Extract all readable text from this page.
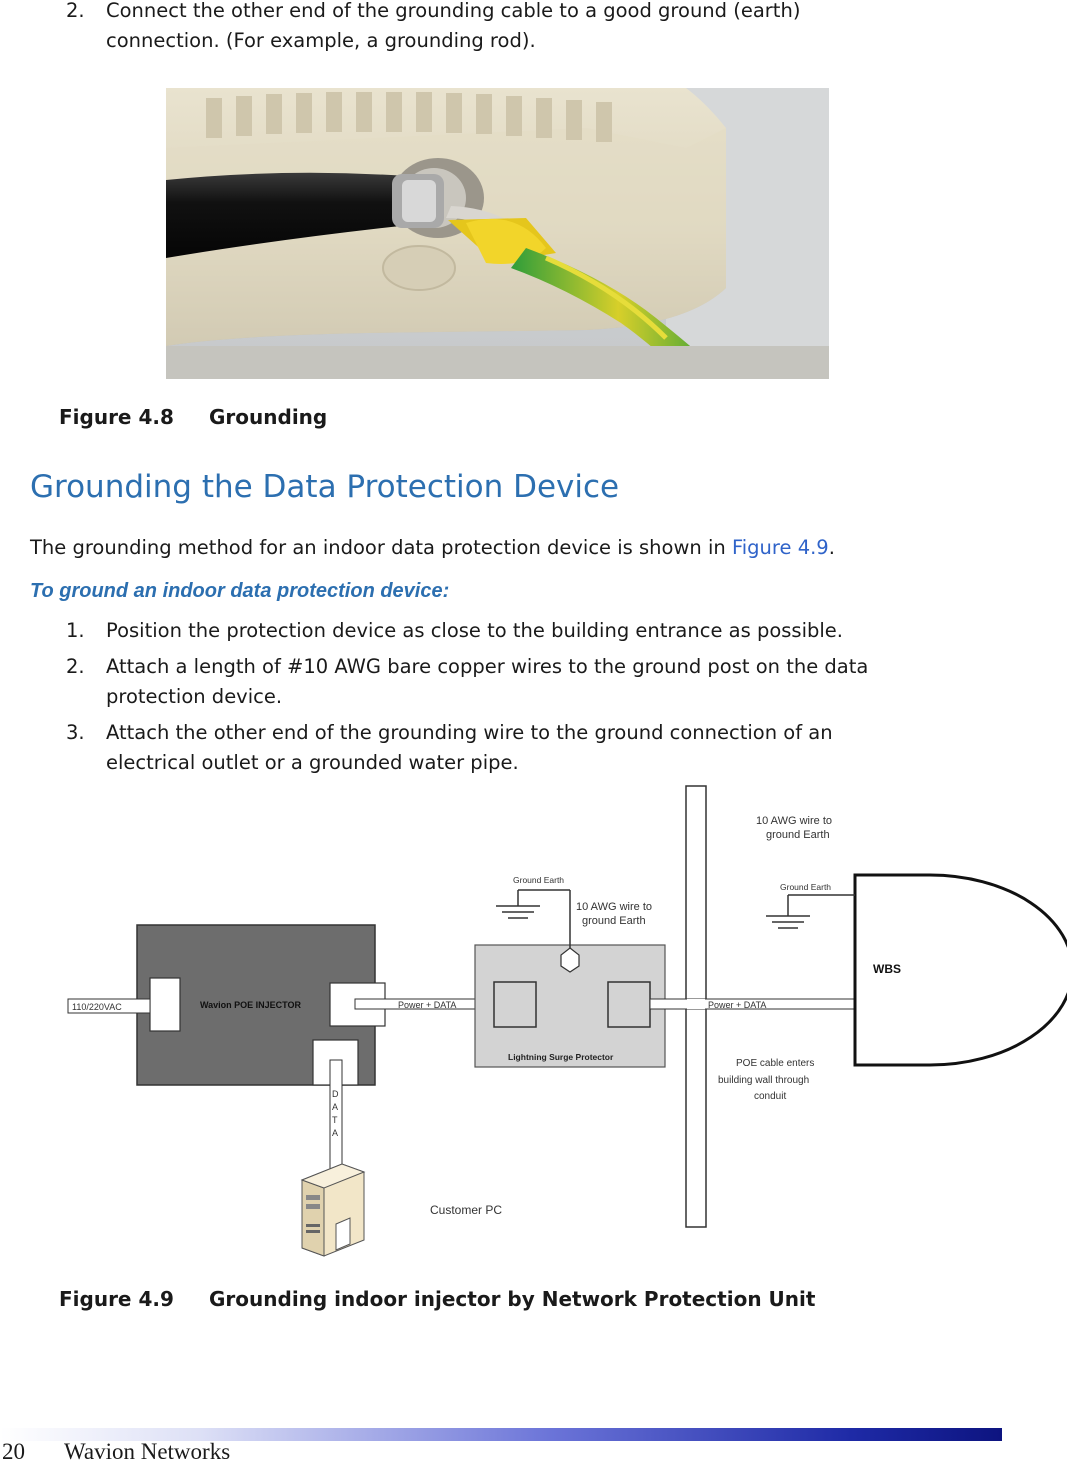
2.	Connect the other end of the grounding cable to a good ground (earth)
connection. (For example, a grounding rod).
Figure 4.8 Grounding
Grounding the Data Protection Device
The grounding method for an indoor data protection device is shown in Figure 4.9.
To ground an indoor data protection device:
1.	Position the protection device as close to the building entrance as possible.
2.	Attach a length of #10 AWG bare copper wires to the ground post on the data
protection device.
3.	Attach the other end of the grounding wire to the ground connection of an
electrical outlet or a grounded water pipe.
110/220VAC	Wavion POE INJECTOR	Power + DATA
D
A
T
A
Customer PC
Lightning Surge Protector
Ground Earth
10 AWG wire to ground Earth
Power + DATA
WBS
Ground Earth
10 AWG wire to ground Earth
POE cable enters building wall through conduit
Figure 4.9 Grounding indoor injector by Network Protection Unit
20 Wavion Networks
